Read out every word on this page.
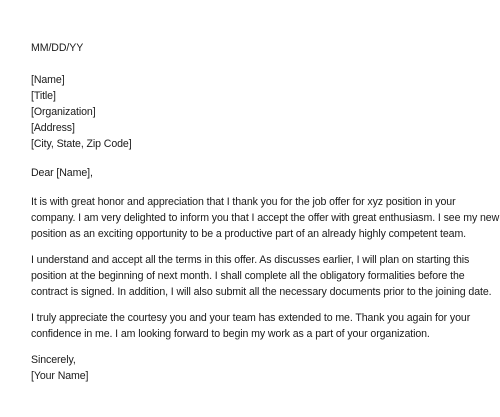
MM/DD/YY
[Name]
[Title]
[Organization]
[Address]
[City, State, Zip Code]
Dear [Name],
It is with great honor and appreciation that I thank you for the job offer for xyz position in your
company. I am very delighted to inform you that I accept the offer with great enthusiasm. I see my new
position as an exciting opportunity to be a productive part of an already highly competent team.
I understand and accept all the terms in this offer. As discusses earlier, I will plan on starting this
position at the beginning of next month. I shall complete all the obligatory formalities before the
contract is signed. In addition, I will also submit all the necessary documents prior to the joining date.
I truly appreciate the courtesy you and your team has extended to me. Thank you again for your
confidence in me. I am looking forward to begin my work as a part of your organization.
Sincerely,
[Your Name]
